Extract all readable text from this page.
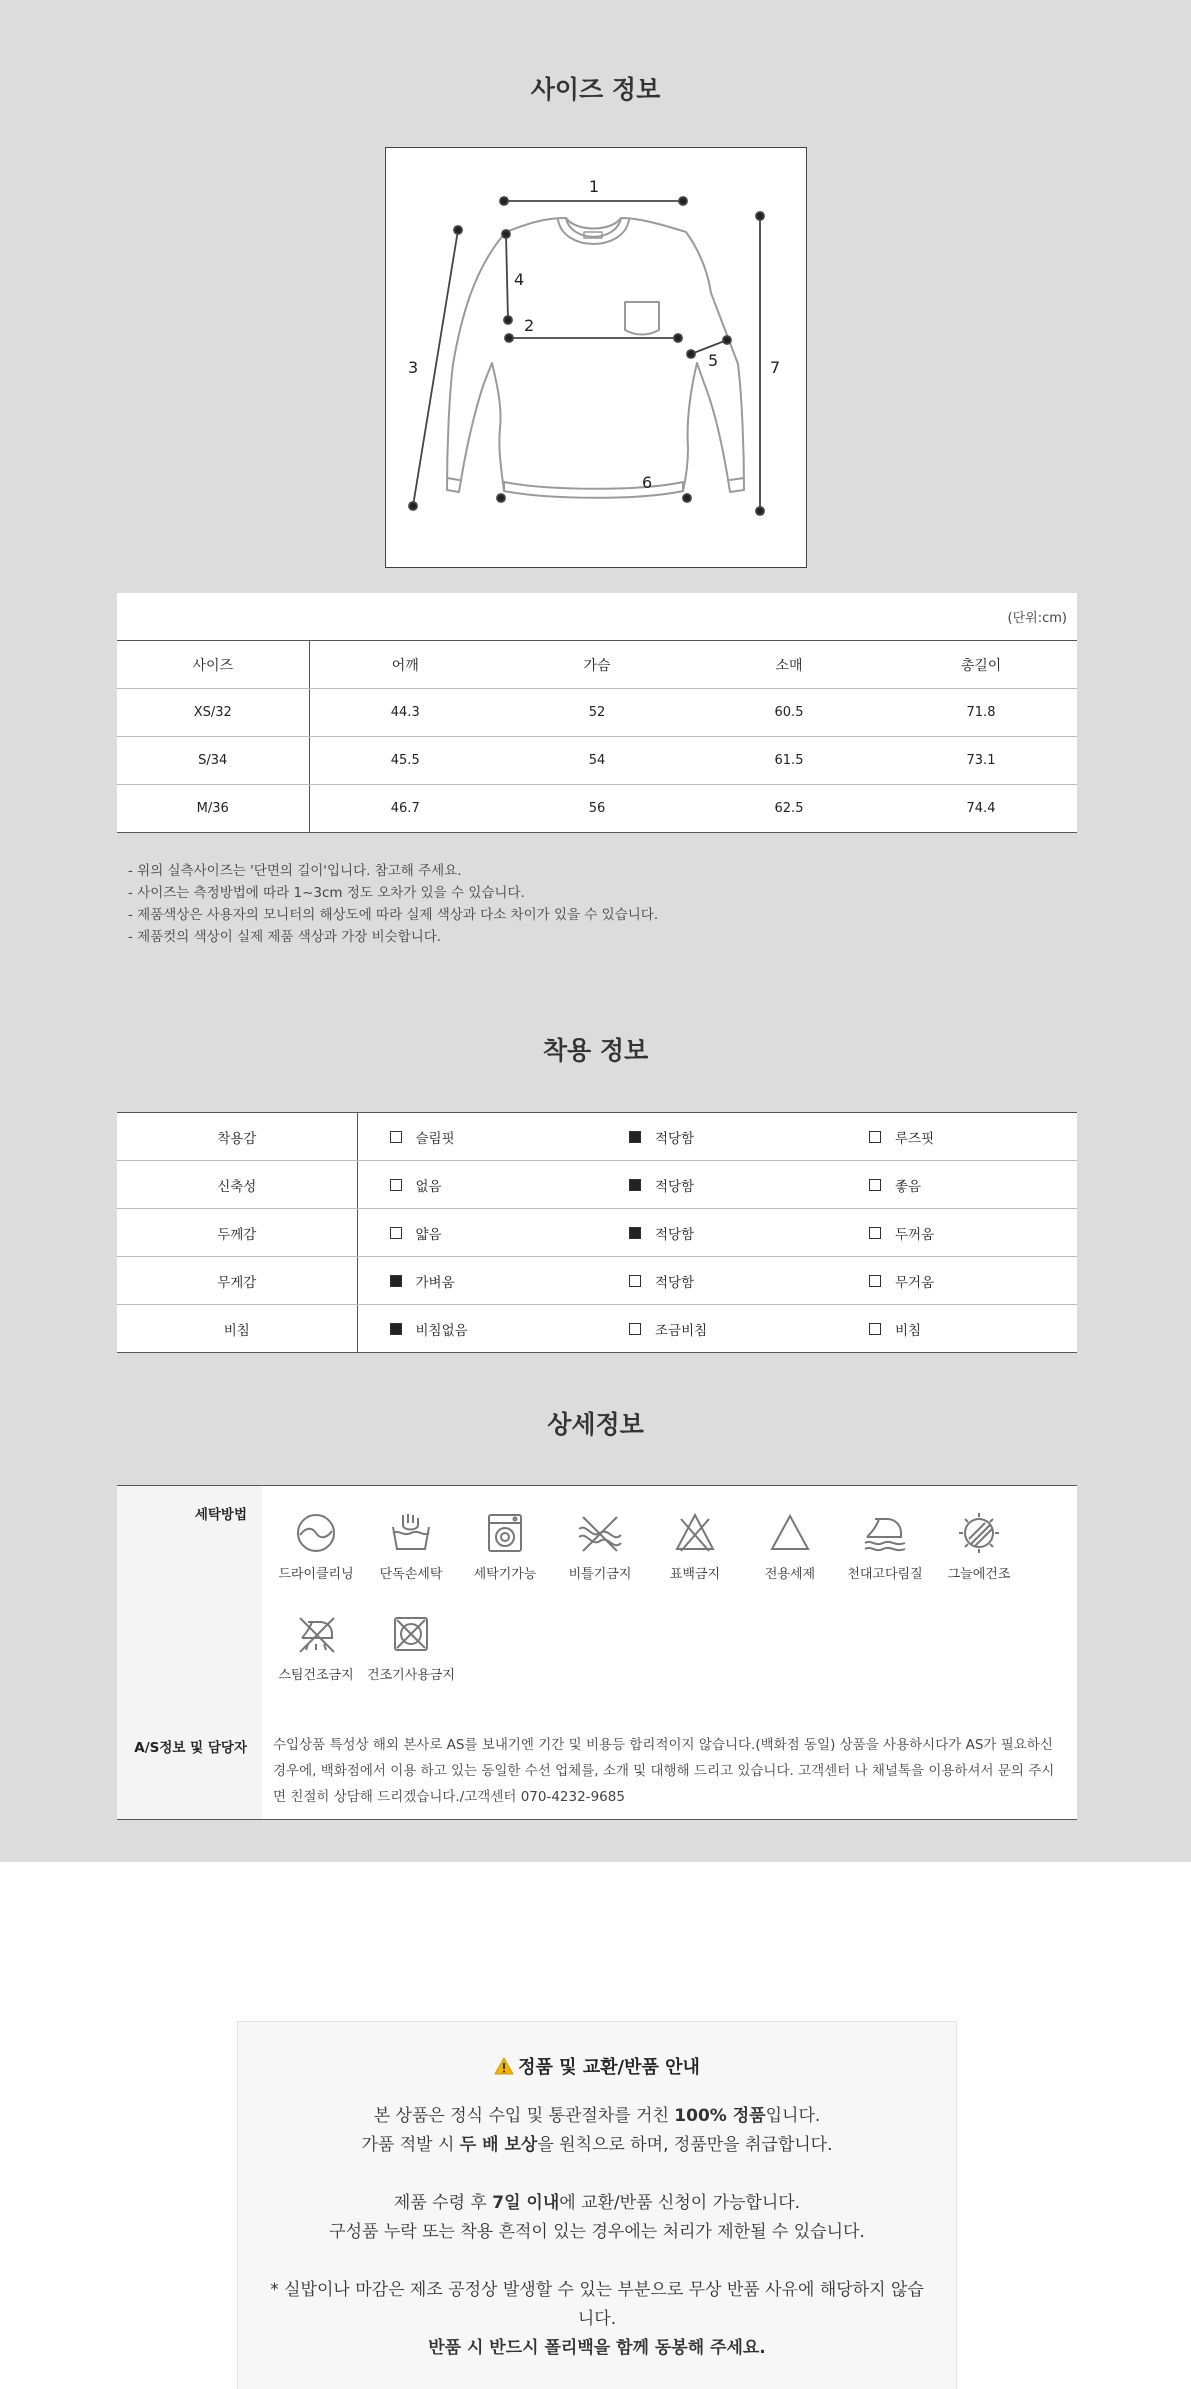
사이즈 정보
1
2
3
4
5
6
7
(단위:cm)
사이즈	어깨	가슴	소매	총길이
XS/32	44.3	52	60.5	71.8
S/34	45.5	54	61.5	73.1
M/36	46.7	56	62.5	74.4
- 위의 실측사이즈는 '단면의 길이'입니다. 참고해 주세요.
- 사이즈는 측정방법에 따라 1~3cm 정도 오차가 있을 수 있습니다.
- 제품색상은 사용자의 모니터의 해상도에 따라 실제 색상과 다소 차이가 있을 수 있습니다.
- 제품컷의 색상이 실제 제품 색상과 가장 비슷합니다.
착용 정보
착용감	슬림핏	적당함	루즈핏

신축성	없음	적당함	좋음

두께감	얇음	적당함	두꺼움

무게감	가벼움	적당함	무거움

비침	비침없음	조금비침	비침
상세정보
세탁방법
드라이클리닝	단독손세탁	세탁기가능	비틀기금지	표백금지	전용세제	천대고다림질	그늘에건조
스팀건조금지	건조기사용금지
A/S정보 및 담당자 수입상품 특성상 해외 본사로 AS를 보내기엔 기간 및 비용등 합리적이지 않습니다.(백화점 동일) 상품을 사용하시다가 AS가 필요하신 경우에, 백화점에서 이용 하고 있는 동일한 수선 업체를, 소개 및 대행해 드리고 있습니다. 고객센터 나 채널톡을 이용하셔서 문의 주시면 친절히 상담해 드리겠습니다./고객센터 070-4232-9685
정품 및 교환/반품 안내

본 상품은 정식 수입 및 통관절차를 거친 100% 정품입니다.

가품 적발 시 두 배 보상을 원칙으로 하며, 정품만을 취급합니다.

제품 수령 후 7일 이내에 교환/반품 신청이 가능합니다.

구성품 누락 또는 착용 흔적이 있는 경우에는 처리가 제한될 수 있습니다.

* 실밥이나 마감은 제조 공정상 발생할 수 있는 부분으로 무상 반품 사유에 해당하지 않습니다.

반품 시 반드시 폴리백을 함께 동봉해 주세요.
